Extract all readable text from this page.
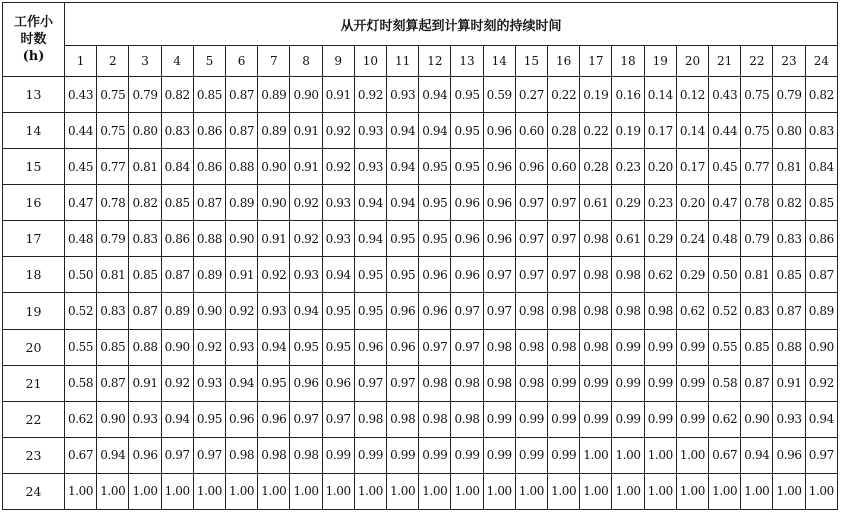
工作小
时数
(h)	从开灯时刻算起到计算时刻的持续时间																							
	1	2	3	4	5	6	7	8	9	10	11	12	13	14	15	16	17	18	19	20	21	22	23	24
13	0.43	0.75	0.79	0.82	0.85	0.87	0.89	0.90	0.91	0.92	0.93	0.94	0.95	0.59	0.27	0.22	0.19	0.16	0.14	0.12	0.43	0.75	0.79	0.82
14	0.44	0.75	0.80	0.83	0.86	0.87	0.89	0.91	0.92	0.93	0.94	0.94	0.95	0.96	0.60	0.28	0.22	0.19	0.17	0.14	0.44	0.75	0.80	0.83
15	0.45	0.77	0.81	0.84	0.86	0.88	0.90	0.91	0.92	0.93	0.94	0.95	0.95	0.96	0.96	0.60	0.28	0.23	0.20	0.17	0.45	0.77	0.81	0.84
16	0.47	0.78	0.82	0.85	0.87	0.89	0.90	0.92	0.93	0.94	0.94	0.95	0.96	0.96	0.97	0.97	0.61	0.29	0.23	0.20	0.47	0.78	0.82	0.85
17	0.48	0.79	0.83	0.86	0.88	0.90	0.91	0.92	0.93	0.94	0.95	0.95	0.96	0.96	0.97	0.97	0.98	0.61	0.29	0.24	0.48	0.79	0.83	0.86
18	0.50	0.81	0.85	0.87	0.89	0.91	0.92	0.93	0.94	0.95	0.95	0.96	0.96	0.97	0.97	0.97	0.98	0.98	0.62	0.29	0.50	0.81	0.85	0.87
19	0.52	0.83	0.87	0.89	0.90	0.92	0.93	0.94	0.95	0.95	0.96	0.96	0.97	0.97	0.98	0.98	0.98	0.98	0.98	0.62	0.52	0.83	0.87	0.89
20	0.55	0.85	0.88	0.90	0.92	0.93	0.94	0.95	0.95	0.96	0.96	0.97	0.97	0.98	0.98	0.98	0.98	0.99	0.99	0.99	0.55	0.85	0.88	0.90
21	0.58	0.87	0.91	0.92	0.93	0.94	0.95	0.96	0.96	0.97	0.97	0.98	0.98	0.98	0.98	0.99	0.99	0.99	0.99	0.99	0.58	0.87	0.91	0.92
22	0.62	0.90	0.93	0.94	0.95	0.96	0.96	0.97	0.97	0.98	0.98	0.98	0.98	0.99	0.99	0.99	0.99	0.99	0.99	0.99	0.62	0.90	0.93	0.94
23	0.67	0.94	0.96	0.97	0.97	0.98	0.98	0.98	0.99	0.99	0.99	0.99	0.99	0.99	0.99	0.99	1.00	1.00	1.00	1.00	0.67	0.94	0.96	0.97
24	1.00	1.00	1.00	1.00	1.00	1.00	1.00	1.00	1.00	1.00	1.00	1.00	1.00	1.00	1.00	1.00	1.00	1.00	1.00	1.00	1.00	1.00	1.00	1.00
